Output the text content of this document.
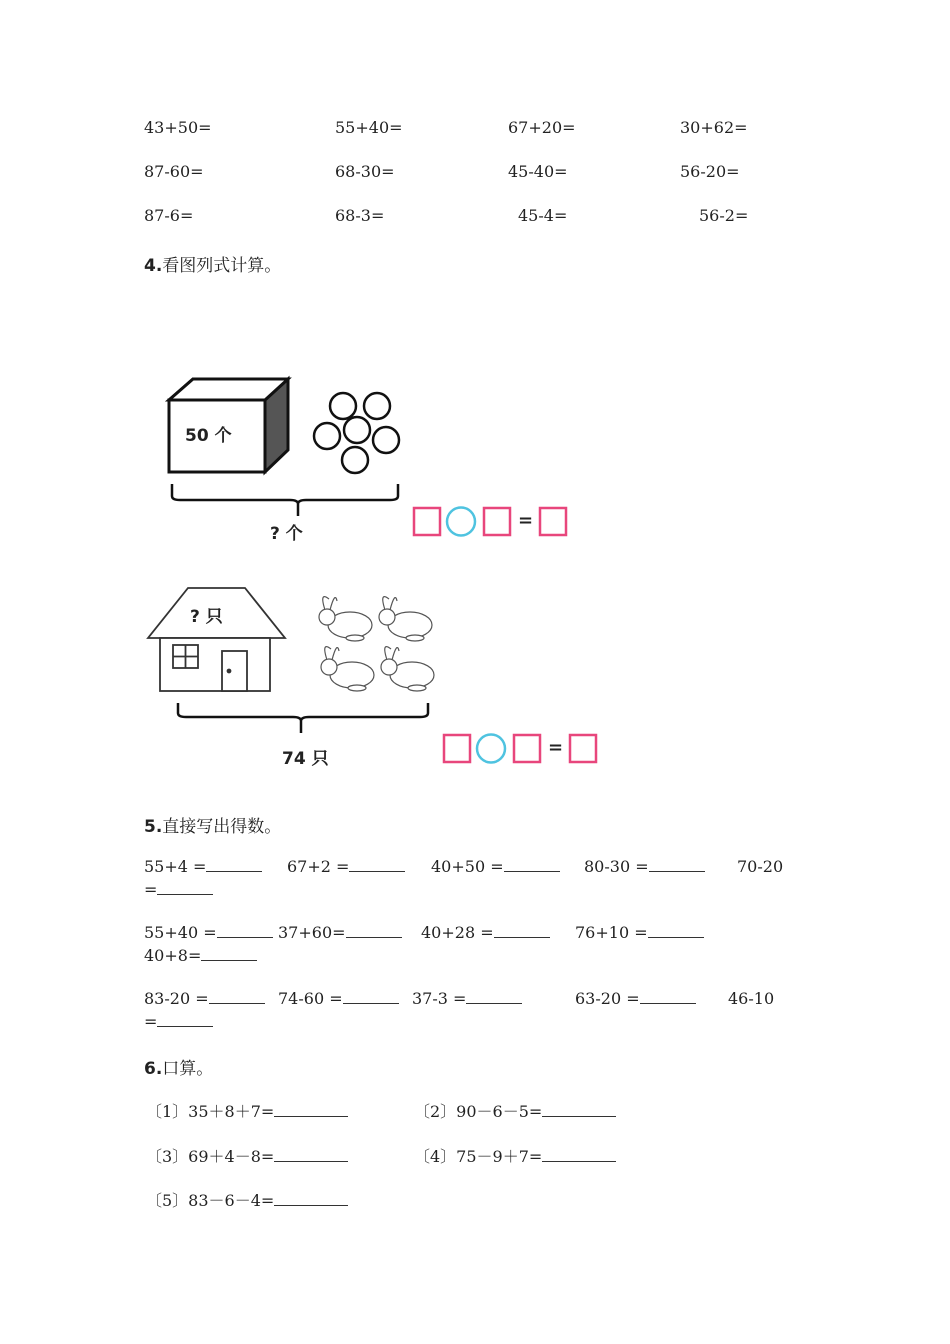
43+50=	55+40=	67+20=	30+62=
87-60=	68-30=	45-40=	56-20=
87-6=	68-3=	45-4=	56-2=
4.看图列式计算。
50 个
? 个
=
? 只
74 只
=
5.直接写出得数。
55+4 =	67+2 =	40+50 =	80-30 =	70-20
=
55+40 =	37+60=	40+28 =	76+10 =
40+8=
83-20 =	74-60 =	37-3 =	63-20 =	46-10
=
6.口算。
〔1〕35＋8＋7=	〔2〕90－6－5=
〔3〕69＋4－8=	〔4〕75－9＋7=
〔5〕83－6－4=
